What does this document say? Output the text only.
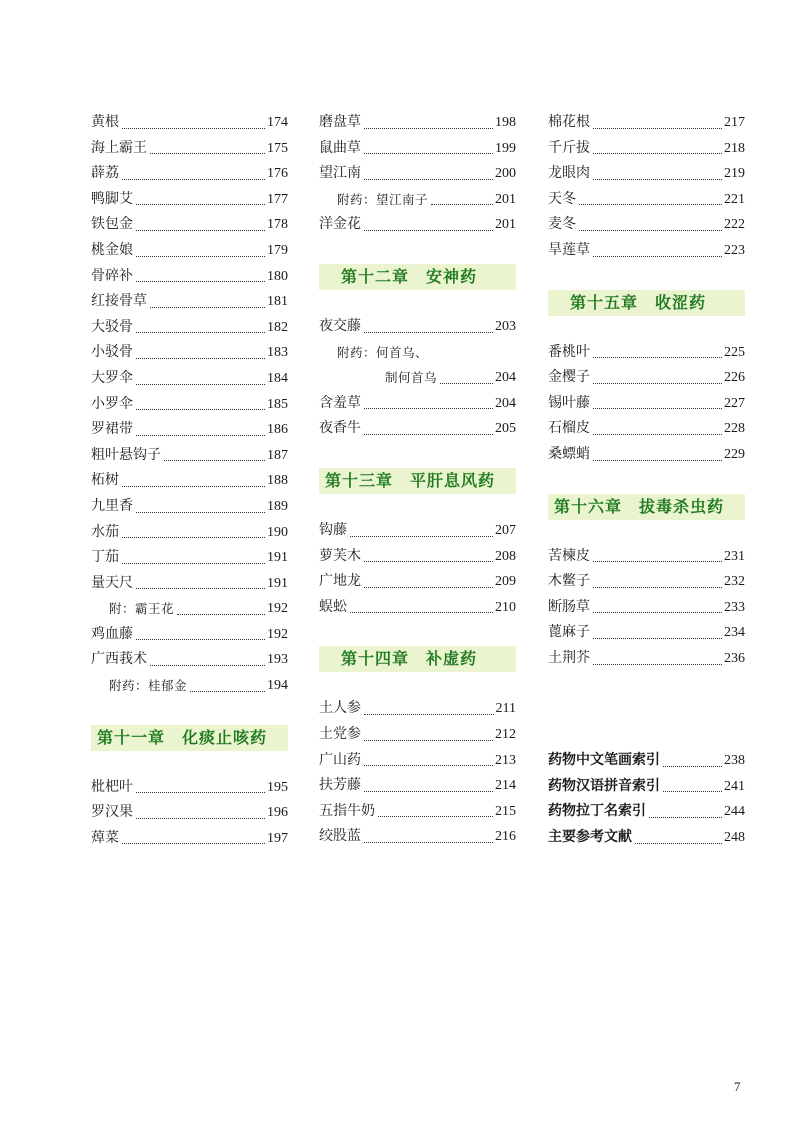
黄根	174
海上霸王	175
薜荔	176
鸭脚艾	177
铁包金	178
桃金娘	179
骨碎补	180
红接骨草	181
大驳骨	182
小驳骨	183
大罗伞	184
小罗伞	185
罗裙带	186
粗叶悬钩子	187
柘树	188
九里香	189
水茄	190
丁茄	191
量天尺	191
附：霸王花	192
鸡血藤	192
广西莪术	193
附药：桂郁金	194
第十一章　化痰止咳药
枇杷叶	195
罗汉果	196
蔊菜	197
磨盘草	198
鼠曲草	199
望江南	200
附药：望江南子	201
洋金花	201
第十二章　安神药
夜交藤	203
附药：何首乌、
制何首乌	204
含羞草	204
夜香牛	205
第十三章　平肝息风药
钩藤	207
萝芙木	208
广地龙	209
蜈蚣	210
第十四章　补虚药
土人参	211
土党参	212
广山药	213
扶芳藤	214
五指牛奶	215
绞股蓝	216
棉花根	217
千斤拔	218
龙眼肉	219
天冬	221
麦冬	222
旱莲草	223
第十五章　收涩药
番桃叶	225
金樱子	226
锡叶藤	227
石榴皮	228
桑螵蛸	229
第十六章　拔毒杀虫药
苦楝皮	231
木鳖子	232
断肠草	233
蓖麻子	234
土荆芥	236
药物中文笔画索引	238
药物汉语拼音索引	241
药物拉丁名索引	244
主要参考文献	248
7
